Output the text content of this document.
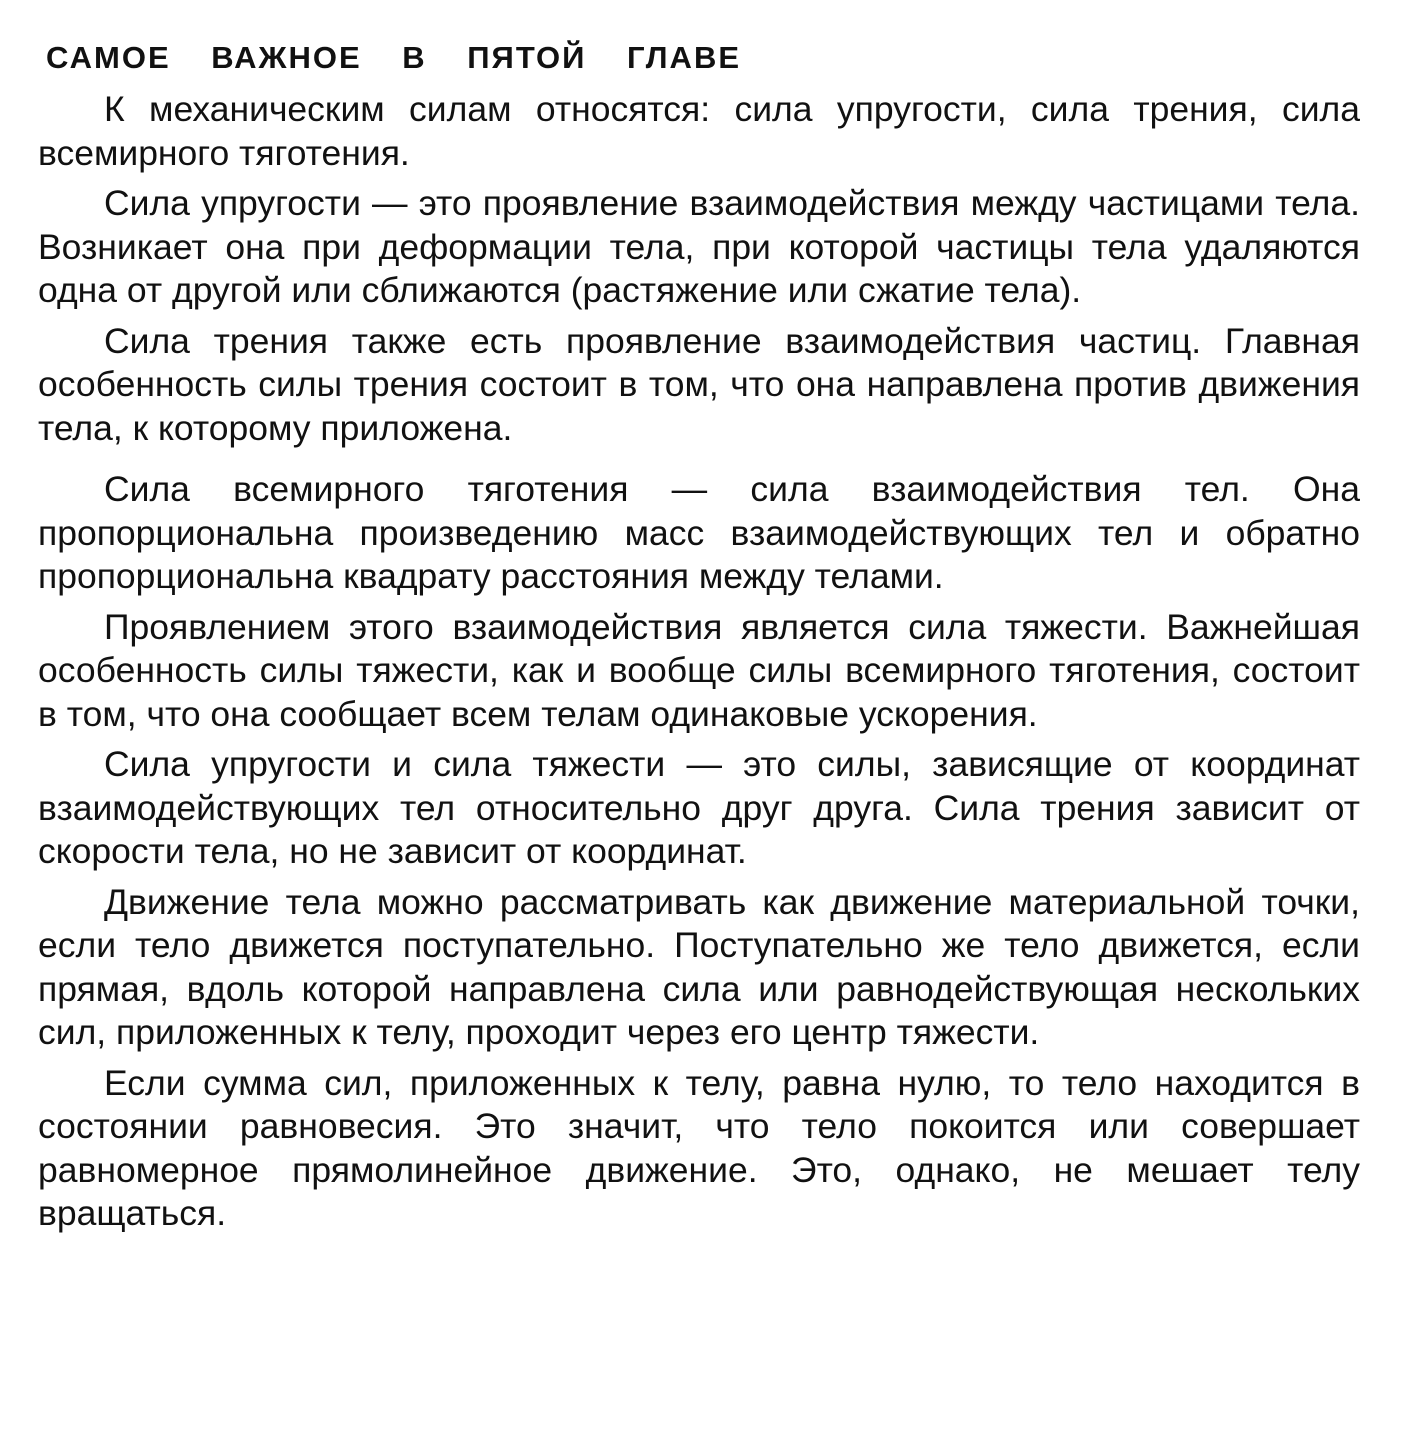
САМОЕ ВАЖНОЕ В ПЯТОЙ ГЛАВЕ

К механическим силам относятся: сила упругости, сила трения, сила всемирного тяготения.

Сила упругости — это проявление взаимодействия между частицами тела. Возникает она при деформации тела, при которой частицы тела удаляются одна от другой или сближаются (растяжение или сжатие тела).

Сила трения также есть проявление взаимодействия частиц. Главная особенность силы трения состоит в том, что она направлена против движения тела, к которому приложена.

Сила всемирного тяготения — сила взаимодействия тел. Она пропорциональна произведению масс взаимодействующих тел и обратно пропорциональна квадрату расстояния между телами.

Проявлением этого взаимодействия является сила тяжести. Важнейшая особенность силы тяжести, как и вообще силы всемирного тяготения, состоит в том, что она сообщает всем телам одинаковые ускорения.

Сила упругости и сила тяжести — это силы, зависящие от координат взаимодействующих тел относительно друг друга. Сила трения зависит от скорости тела, но не зависит от координат.

Движение тела можно рассматривать как движение материальной точки, если тело движется поступательно. Поступательно же тело движется, если прямая, вдоль которой направлена сила или равнодействующая нескольких сил, приложенных к телу, проходит через его центр тяжести.

Если сумма сил, приложенных к телу, равна нулю, то тело находится в состоянии равновесия. Это значит, что тело покоится или совершает равномерное прямолинейное движение. Это, однако, не мешает телу вращаться.
